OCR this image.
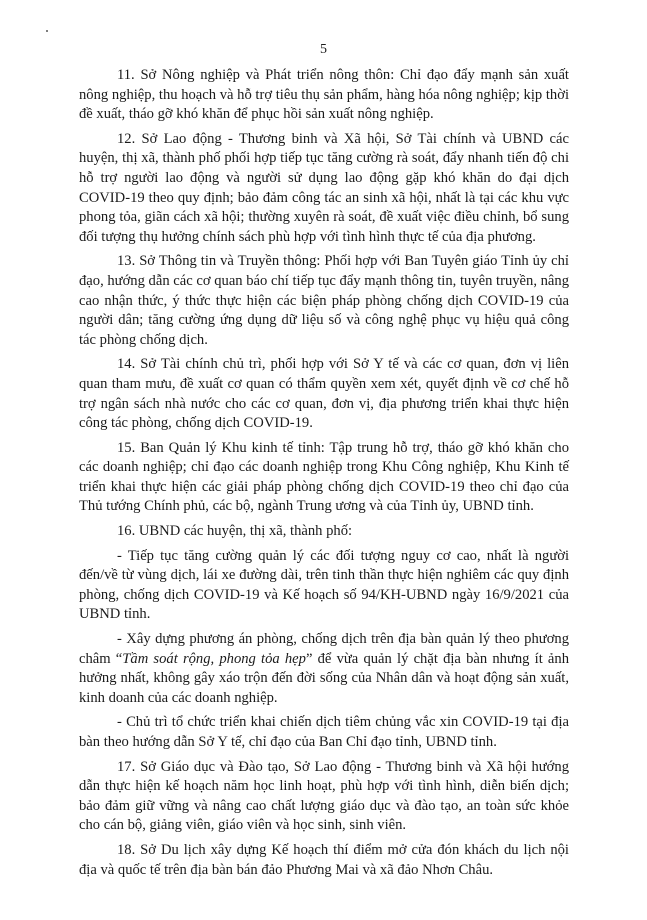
5

11. Sở Nông nghiệp và Phát triển nông thôn: Chỉ đạo đẩy mạnh sản xuất nông nghiệp, thu hoạch và hỗ trợ tiêu thụ sản phẩm, hàng hóa nông nghiệp; kịp thời đề xuất, tháo gỡ khó khăn để phục hồi sản xuất nông nghiệp.

12. Sở Lao động - Thương binh và Xã hội, Sở Tài chính và UBND các huyện, thị xã, thành phố phối hợp tiếp tục tăng cường rà soát, đẩy nhanh tiến độ chi hỗ trợ người lao động và người sử dụng lao động gặp khó khăn do đại dịch COVID-19 theo quy định; bảo đảm công tác an sinh xã hội, nhất là tại các khu vực phong tỏa, giãn cách xã hội; thường xuyên rà soát, đề xuất việc điều chỉnh, bổ sung đối tượng thụ hưởng chính sách phù hợp với tình hình thực tế của địa phương.

13. Sở Thông tin và Truyền thông: Phối hợp với Ban Tuyên giáo Tỉnh ủy chỉ đạo, hướng dẫn các cơ quan báo chí tiếp tục đẩy mạnh thông tin, tuyên truyền, nâng cao nhận thức, ý thức thực hiện các biện pháp phòng chống dịch COVID-19 của người dân; tăng cường ứng dụng dữ liệu số và công nghệ phục vụ hiệu quả công tác phòng chống dịch.

14. Sở Tài chính chủ trì, phối hợp với Sở Y tế và các cơ quan, đơn vị liên quan tham mưu, đề xuất cơ quan có thẩm quyền xem xét, quyết định về cơ chế hỗ trợ ngân sách nhà nước cho các cơ quan, đơn vị, địa phương triển khai thực hiện công tác phòng, chống dịch COVID-19.

15. Ban Quản lý Khu kinh tế tỉnh: Tập trung hỗ trợ, tháo gỡ khó khăn cho các doanh nghiệp; chỉ đạo các doanh nghiệp trong Khu Công nghiệp, Khu Kinh tế triển khai thực hiện các giải pháp phòng chống dịch COVID-19 theo chỉ đạo của Thủ tướng Chính phủ, các bộ, ngành Trung ương và của Tỉnh ủy, UBND tỉnh.

16. UBND các huyện, thị xã, thành phố:

- Tiếp tục tăng cường quản lý các đối tượng nguy cơ cao, nhất là người đến/về từ vùng dịch, lái xe đường dài, trên tinh thần thực hiện nghiêm các quy định phòng, chống dịch COVID-19 và Kế hoạch số 94/KH-UBND ngày 16/9/2021 của UBND tỉnh.

- Xây dựng phương án phòng, chống dịch trên địa bàn quản lý theo phương châm “Tầm soát rộng, phong tỏa hẹp” để vừa quản lý chặt địa bàn nhưng ít ảnh hưởng nhất, không gây xáo trộn đến đời sống của Nhân dân và hoạt động sản xuất, kinh doanh của các doanh nghiệp.

- Chủ trì tổ chức triển khai chiến dịch tiêm chủng vắc xin COVID-19 tại địa bàn theo hướng dẫn Sở Y tế, chỉ đạo của Ban Chỉ đạo tỉnh, UBND tỉnh.

17. Sở Giáo dục và Đào tạo, Sở Lao động - Thương binh và Xã hội hướng dẫn thực hiện kế hoạch năm học linh hoạt, phù hợp với tình hình, diễn biến dịch; bảo đảm giữ vững và nâng cao chất lượng giáo dục và đào tạo, an toàn sức khỏe cho cán bộ, giảng viên, giáo viên và học sinh, sinh viên.

18. Sở Du lịch xây dựng Kế hoạch thí điểm mở cửa đón khách du lịch nội địa và quốc tế trên địa bàn bán đảo Phương Mai và xã đảo Nhơn Châu.
